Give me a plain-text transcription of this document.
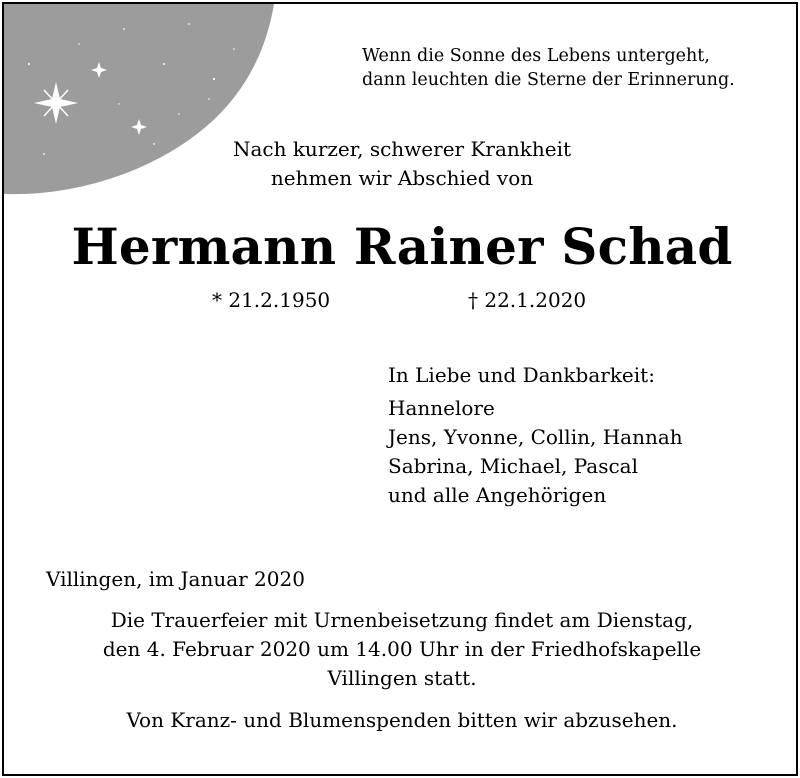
Wenn die Sonne des Lebens untergeht,
dann leuchten die Sterne der Erinnerung.
Nach kurzer, schwerer Krankheit
nehmen wir Abschied von
Hermann Rainer Schad
* 21.2.1950	† 22.1.2020
In Liebe und Dankbarkeit:
Hannelore
Jens, Yvonne, Collin, Hannah
Sabrina, Michael, Pascal
und alle Angehörigen
Villingen, im Januar 2020
Die Trauerfeier mit Urnenbeisetzung findet am Dienstag,
den 4. Februar 2020 um 14.00 Uhr in der Friedhofskapelle
Villingen statt.
Von Kranz- und Blumenspenden bitten wir abzusehen.
